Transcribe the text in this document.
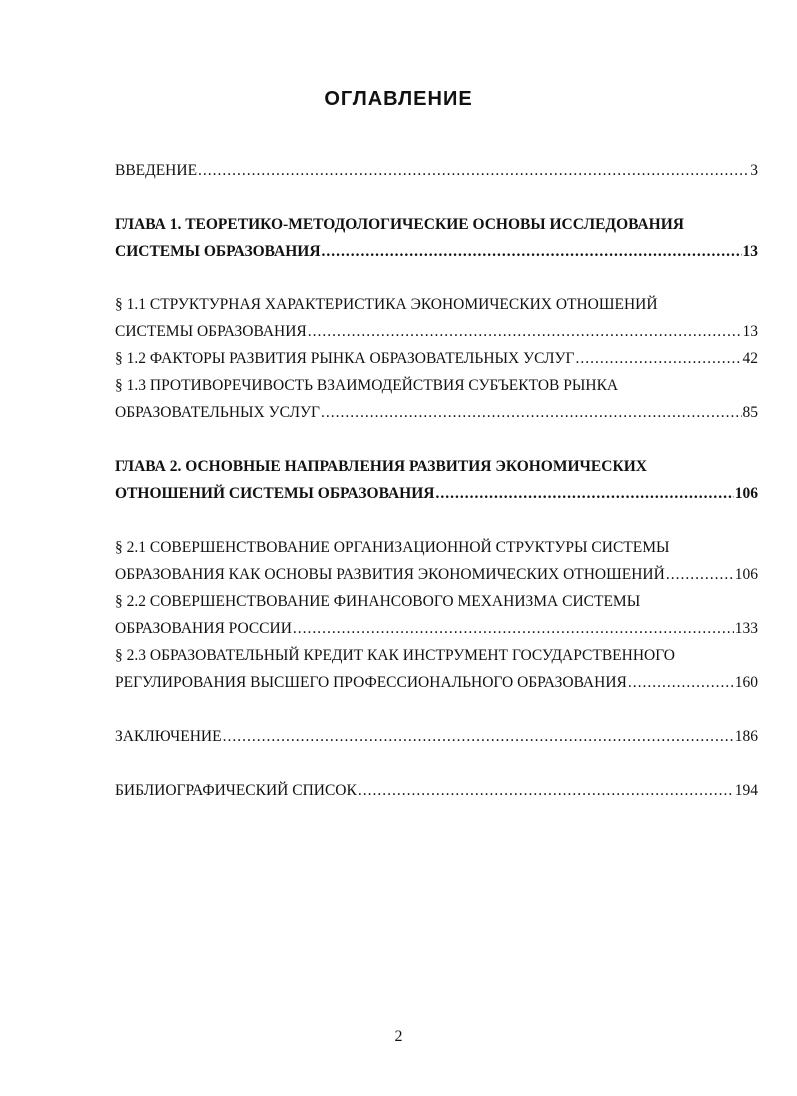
ОГЛАВЛЕНИЕ
ВВЕДЕНИЕ .....	3
ГЛАВА 1. ТЕОРЕТИКО-МЕТОДОЛОГИЧЕСКИЕ ОСНОВЫ ИССЛЕДОВАНИЯ
СИСТЕМЫ ОБРАЗОВАНИЯ .....	13
§ 1.1 СТРУКТУРНАЯ ХАРАКТЕРИСТИКА ЭКОНОМИЧЕСКИХ ОТНОШЕНИЙ
СИСТЕМЫ ОБРАЗОВАНИЯ .....	13
§ 1.2 ФАКТОРЫ РАЗВИТИЯ РЫНКА ОБРАЗОВАТЕЛЬНЫХ УСЛУГ .....	42
§ 1.3 ПРОТИВОРЕЧИВОСТЬ ВЗАИМОДЕЙСТВИЯ СУБЪЕКТОВ РЫНКА
ОБРАЗОВАТЕЛЬНЫХ УСЛУГ .....	85
ГЛАВА 2. ОСНОВНЫЕ НАПРАВЛЕНИЯ РАЗВИТИЯ ЭКОНОМИЧЕСКИХ
ОТНОШЕНИЙ СИСТЕМЫ ОБРАЗОВАНИЯ .....	106
§ 2.1 СОВЕРШЕНСТВОВАНИЕ ОРГАНИЗАЦИОННОЙ СТРУКТУРЫ СИСТЕМЫ
ОБРАЗОВАНИЯ КАК ОСНОВЫ РАЗВИТИЯ ЭКОНОМИЧЕСКИХ ОТНОШЕНИЙ .....	106
§ 2.2 СОВЕРШЕНСТВОВАНИЕ ФИНАНСОВОГО МЕХАНИЗМА СИСТЕМЫ
ОБРАЗОВАНИЯ РОССИИ .....	133
§ 2.3 ОБРАЗОВАТЕЛЬНЫЙ КРЕДИТ КАК ИНСТРУМЕНТ ГОСУДАРСТВЕННОГО
РЕГУЛИРОВАНИЯ ВЫСШЕГО ПРОФЕССИОНАЛЬНОГО ОБРАЗОВАНИЯ .....	160
ЗАКЛЮЧЕНИЕ .....	186
БИБЛИОГРАФИЧЕСКИЙ СПИСОК .....	194
2
